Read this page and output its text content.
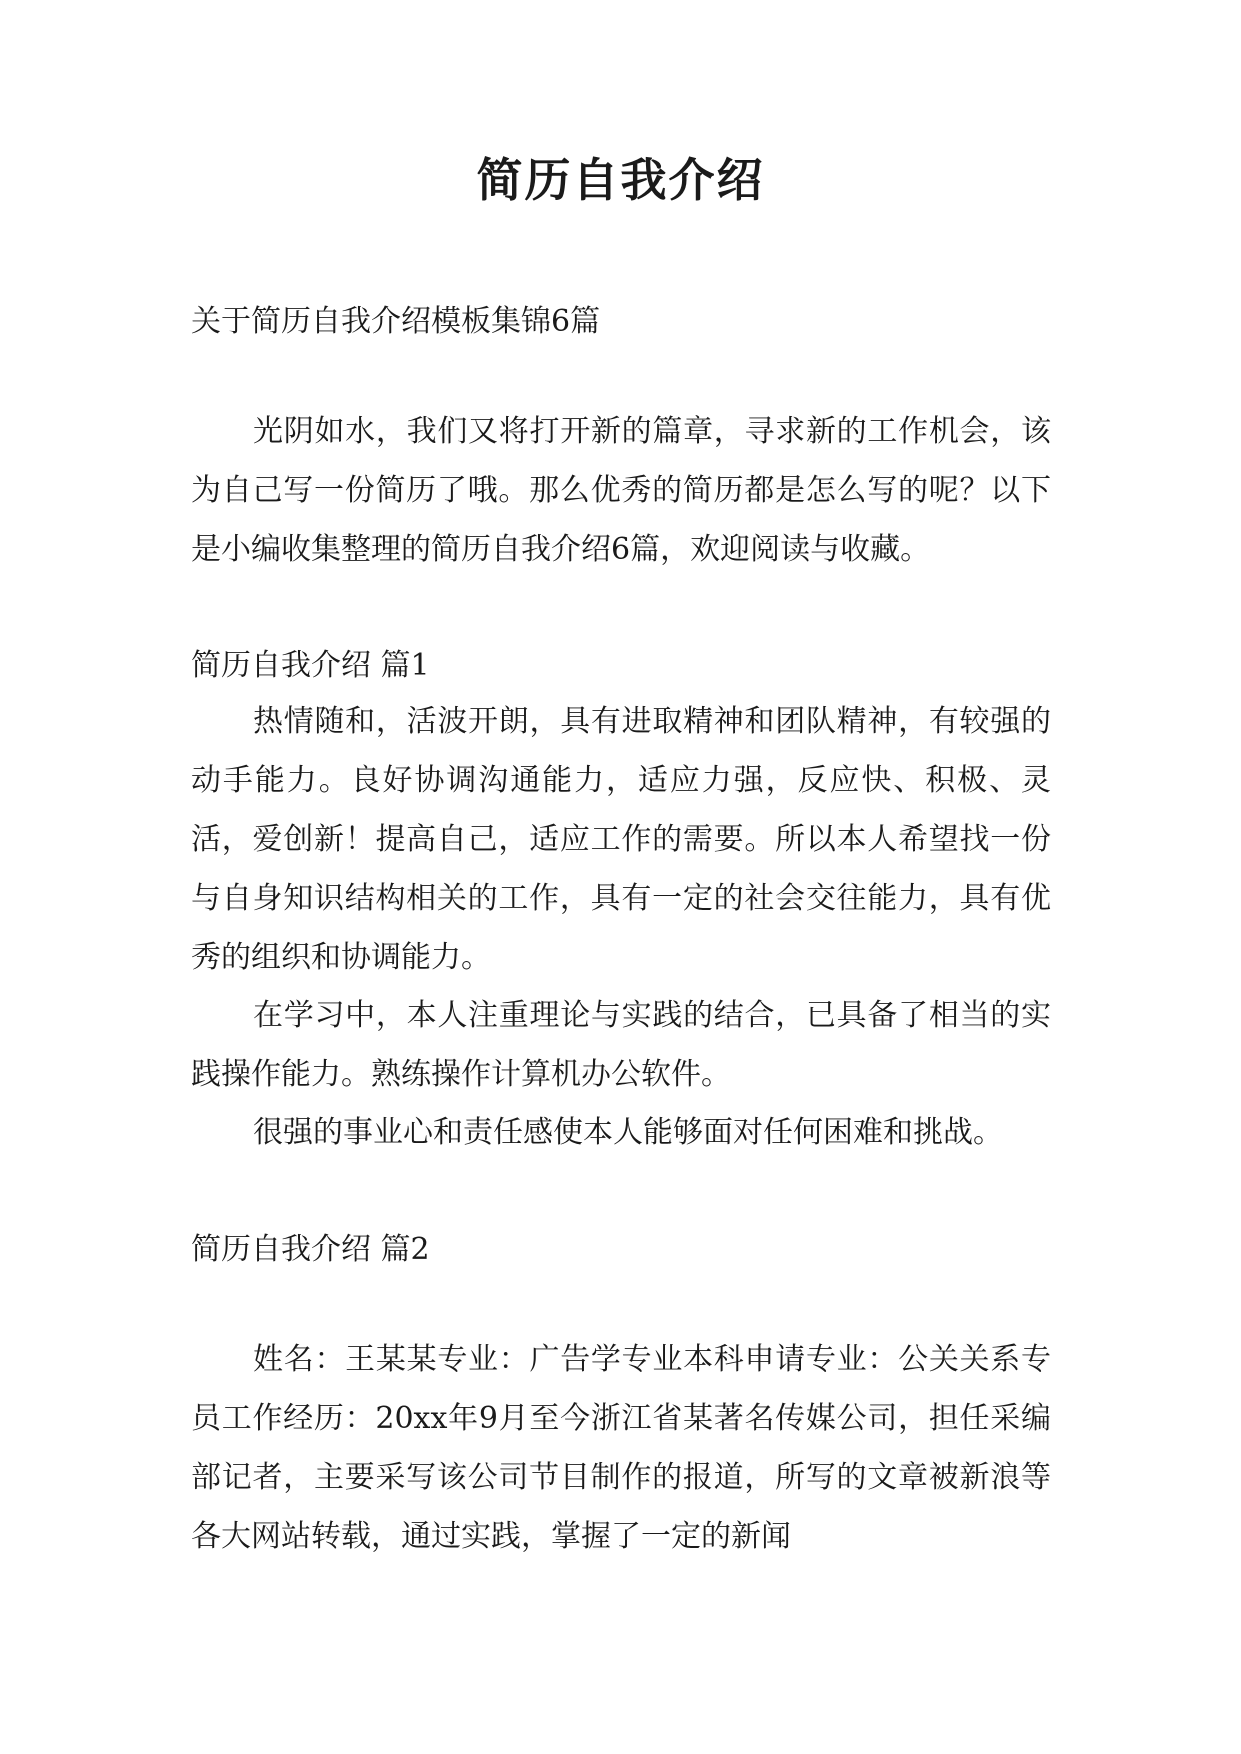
简历自我介绍

关于简历自我介绍模板集锦6篇

光阴如水，我们又将打开新的篇章，寻求新的工作机会，该为自己写一份简历了哦。那么优秀的简历都是怎么写的呢？以下是小编收集整理的简历自我介绍6篇，欢迎阅读与收藏。

简历自我介绍 篇1

热情随和，活波开朗，具有进取精神和团队精神，有较强的动手能力。良好协调沟通能力，适应力强，反应快、积极、灵活，爱创新！提高自己，适应工作的需要。所以本人希望找一份与自身知识结构相关的工作，具有一定的社会交往能力，具有优秀的组织和协调能力。

在学习中，本人注重理论与实践的结合，已具备了相当的实践操作能力。熟练操作计算机办公软件。

很强的事业心和责任感使本人能够面对任何困难和挑战。

简历自我介绍 篇2

姓名：王某某专业：广告学专业本科申请专业：公关关系专员工作经历：20xx年9月至今浙江省某著名传媒公司，担任采编部记者，主要采写该公司节目制作的报道，所写的文章被新浪等各大网站转载，通过实践，掌握了一定的新闻
